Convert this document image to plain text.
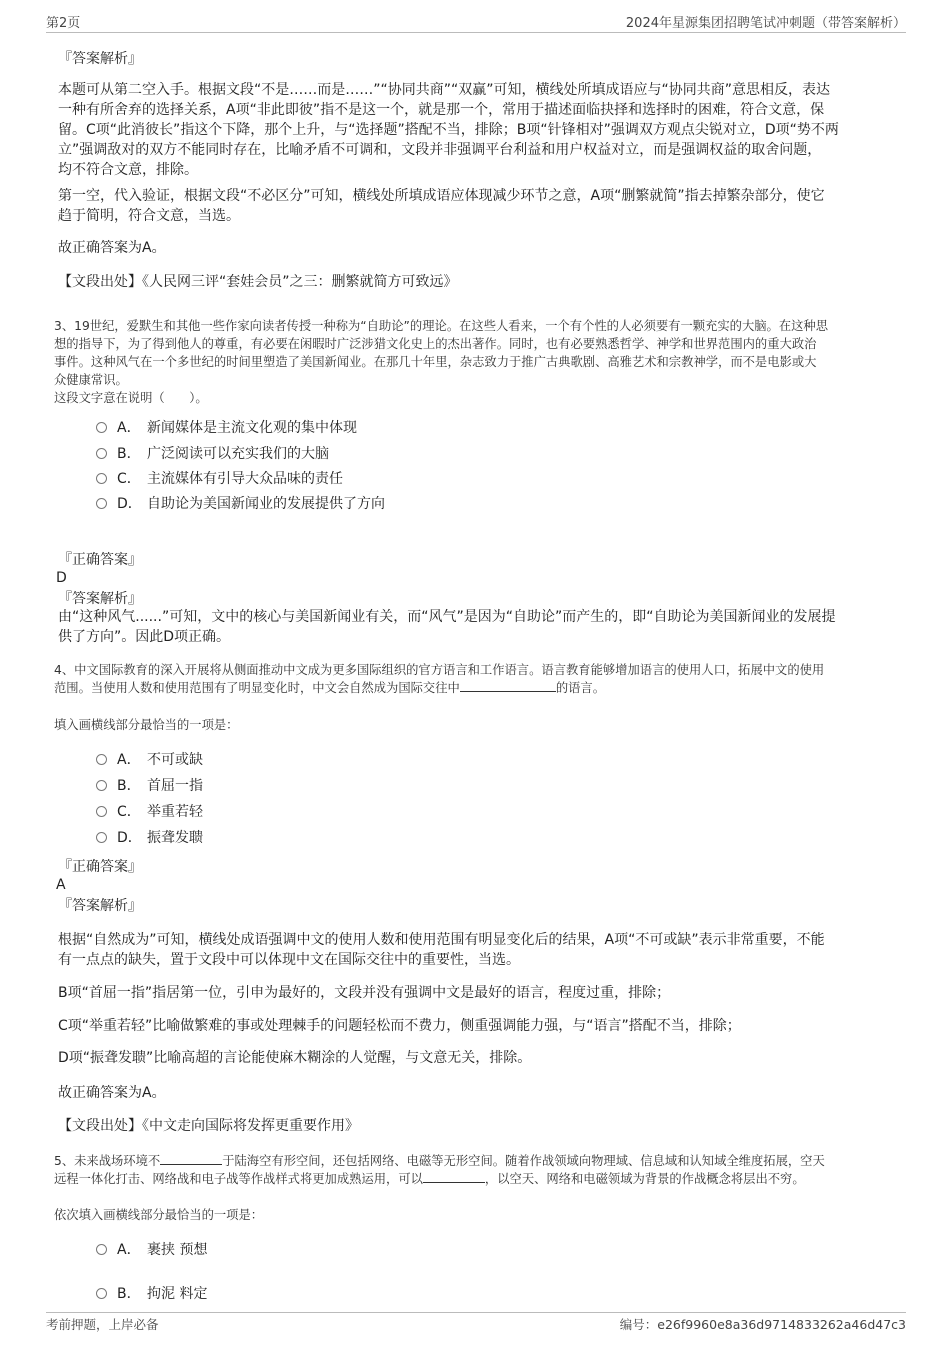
第2页	2024年星源集团招聘笔试冲刺题（带答案解析）
『答案解析』
本题可从第二空入手。根据文段“不是……而是……”“协同共商”“双赢”可知，横线处所填成语应与“协同共商”意思相反，表达
一种有所舍弃的选择关系，A项“非此即彼”指不是这一个，就是那一个，常用于描述面临抉择和选择时的困难，符合文意，保
留。C项“此消彼长”指这个下降，那个上升，与“选择题”搭配不当，排除；B项“针锋相对”强调双方观点尖锐对立，D项“势不两
立”强调敌对的双方不能同时存在，比喻矛盾不可调和，文段并非强调平台利益和用户权益对立，而是强调权益的取舍问题，
均不符合文意，排除。
第一空，代入验证，根据文段“不必区分”可知，横线处所填成语应体现减少环节之意，A项“删繁就简”指去掉繁杂部分，使它
趋于简明，符合文意，当选。
故正确答案为A。
【文段出处】《人民网三评“套娃会员”之三：删繁就简方可致远》
3、19世纪，爱默生和其他一些作家向读者传授一种称为“自助论”的理论。在这些人看来，一个有个性的人必须要有一颗充实的大脑。在这种思
想的指导下，为了得到他人的尊重，有必要在闲暇时广泛涉猎文化史上的杰出著作。同时，也有必要熟悉哲学、神学和世界范围内的重大政治
事件。这种风气在一个多世纪的时间里塑造了美国新闻业。在那几十年里，杂志致力于推广古典歌剧、高雅艺术和宗教神学，而不是电影或大
众健康常识。
这段文字意在说明（　　）。
A． 新闻媒体是主流文化观的集中体现
B． 广泛阅读可以充实我们的大脑
C． 主流媒体有引导大众品味的责任
D． 自助论为美国新闻业的发展提供了方向
『正确答案』
D
『答案解析』
由“这种风气......”可知，文中的核心与美国新闻业有关，而“风气”是因为“自助论”而产生的，即“自助论为美国新闻业的发展提
供了方向”。因此D项正确。
4、中文国际教育的深入开展将从侧面推动中文成为更多国际组织的官方语言和工作语言。语言教育能够增加语言的使用人口，拓展中文的使用
范围。当使用人数和使用范围有了明显变化时，中文会自然成为国际交往中	的语言。
填入画横线部分最恰当的一项是：
A． 不可或缺
B． 首屈一指
C． 举重若轻
D． 振聋发聩
『正确答案』
A
『答案解析』
根据“自然成为”可知，横线处成语强调中文的使用人数和使用范围有明显变化后的结果，A项“不可或缺”表示非常重要，不能
有一点点的缺失，置于文段中可以体现中文在国际交往中的重要性，当选。
B项“首屈一指”指居第一位，引申为最好的，文段并没有强调中文是最好的语言，程度过重，排除；
C项“举重若轻”比喻做繁难的事或处理棘手的问题轻松而不费力，侧重强调能力强，与“语言”搭配不当，排除；
D项“振聋发聩”比喻高超的言论能使麻木糊涂的人觉醒，与文意无关，排除。
故正确答案为A。
【文段出处】《中文走向国际将发挥更重要作用》
5、未来战场环境不	于陆海空有形空间，还包括网络、电磁等无形空间。随着作战领域向物理域、信息域和认知域全维度拓展，空天
远程一体化打击、网络战和电子战等作战样式将更加成熟运用，可以	，以空天、网络和电磁领域为背景的作战概念将层出不穷。
依次填入画横线部分最恰当的一项是：
A． 裹挟 预想
B． 拘泥 料定
考前押题，上岸必备	编号：e26f9960e8a36d9714833262a46d47c3
